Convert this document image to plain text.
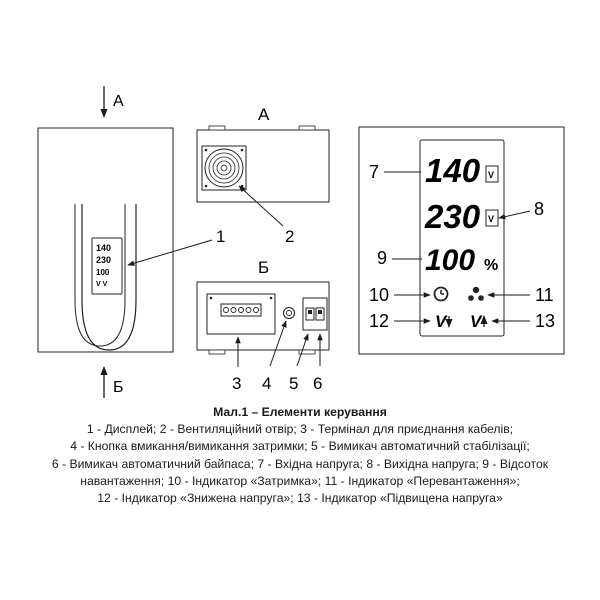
140
230
100
V V
А
Б
1
А
2
Б
3 4 5 6
140 V
7
230 V 8
100 %
9
10	11
V V
12	13
Мал.1 – Елементи керування
1 - Дисплей; 2 - Вентиляційний отвір; 3 - Термінал для приєднання кабелів;
4 - Кнопка вмикання/вимикання затримки; 5 - Вимикач автоматичний стабілізації;
6 - Вимикач автоматичний байпаса; 7 - Вхідна напруга; 8 - Вихідна напруга; 9 - Відсоток
навантаження; 10 - Індикатор «Затримка»; 11 - Індикатор «Перевантаження»;
12 - Індикатор «Знижена напруга»; 13 - Індикатор «Підвищена напруга»
